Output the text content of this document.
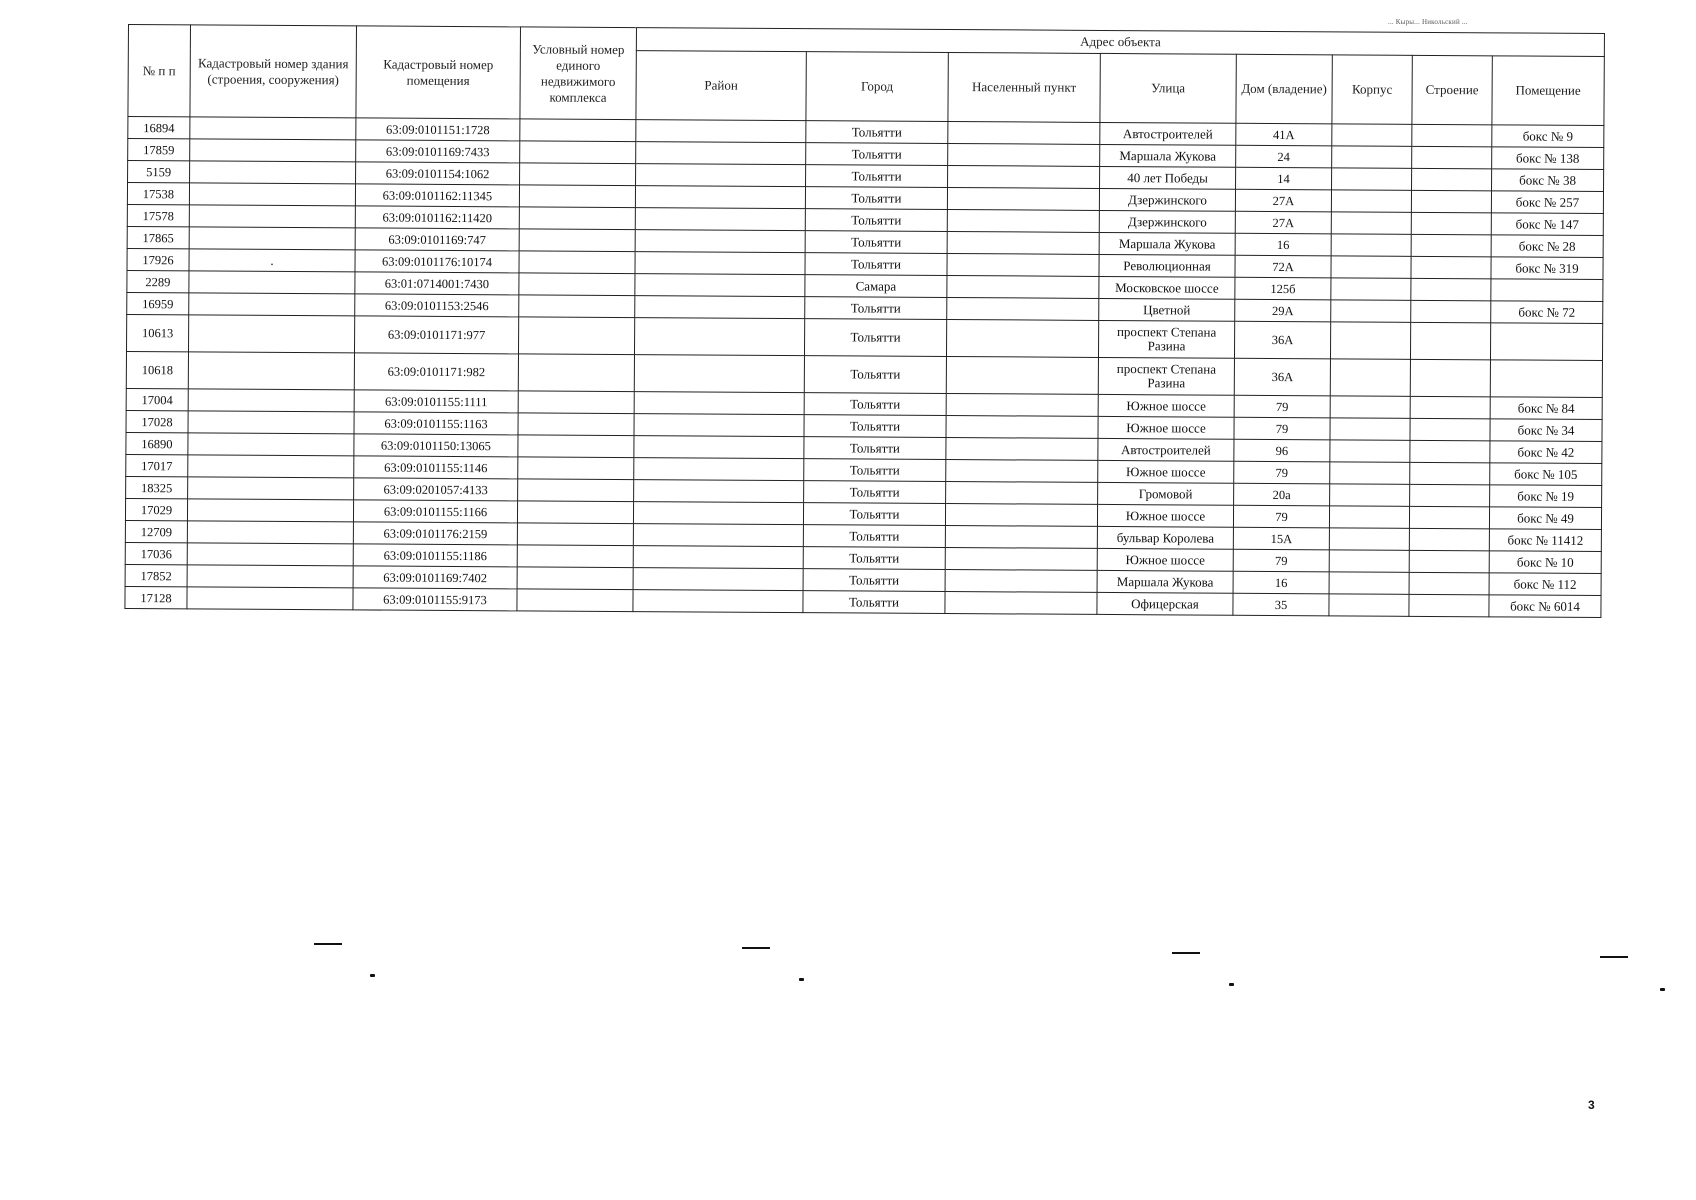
... Кыры... Никольский ...
№ п п	Кадастровый номер здания (строения, сооружения)	Кадастровый номер помещения	Условный номер единого недвижимого комплекса	Адрес объекта							
				Район	Город	Населенный пункт	Улица	Дом (владение)	Корпус	Строение	Помещение
16894		63:09:0101151:1728			Тольятти		Автостроителей	41А			бокс № 9
17859		63:09:0101169:7433			Тольятти		Маршала Жукова	24			бокс № 138
5159		63:09:0101154:1062			Тольятти		40 лет Победы	14			бокс № 38
17538		63:09:0101162:11345			Тольятти		Дзержинского	27А			бокс № 257
17578		63:09:0101162:11420			Тольятти		Дзержинского	27А			бокс № 147
17865		63:09:0101169:747			Тольятти		Маршала Жукова	16			бокс № 28
17926	.	63:09:0101176:10174			Тольятти		Революционная	72А			бокс № 319
2289		63:01:0714001:7430			Самара		Московское шоссе	125б			
16959		63:09:0101153:2546			Тольятти		Цветной	29А			бокс № 72
10613		63:09:0101171:977			Тольятти		проспект Степана Разина	36А			
10618		63:09:0101171:982			Тольятти		проспект Степана Разина	36А			
17004		63:09:0101155:1111			Тольятти		Южное шоссе	79			бокс № 84
17028		63:09:0101155:1163			Тольятти		Южное шоссе	79			бокс № 34
16890		63:09:0101150:13065			Тольятти		Автостроителей	96			бокс № 42
17017		63:09:0101155:1146			Тольятти		Южное шоссе	79			бокс № 105
18325		63:09:0201057:4133			Тольятти		Громовой	20а			бокс № 19
17029		63:09:0101155:1166			Тольятти		Южное шоссе	79			бокс № 49
12709		63:09:0101176:2159			Тольятти		бульвар Королева	15А			бокс № 11412
17036		63:09:0101155:1186			Тольятти		Южное шоссе	79			бокс № 10
17852		63:09:0101169:7402			Тольятти		Маршала Жукова	16			бокс № 112
17128		63:09:0101155:9173			Тольятти		Офицерская	35			бокс № 6014
3
